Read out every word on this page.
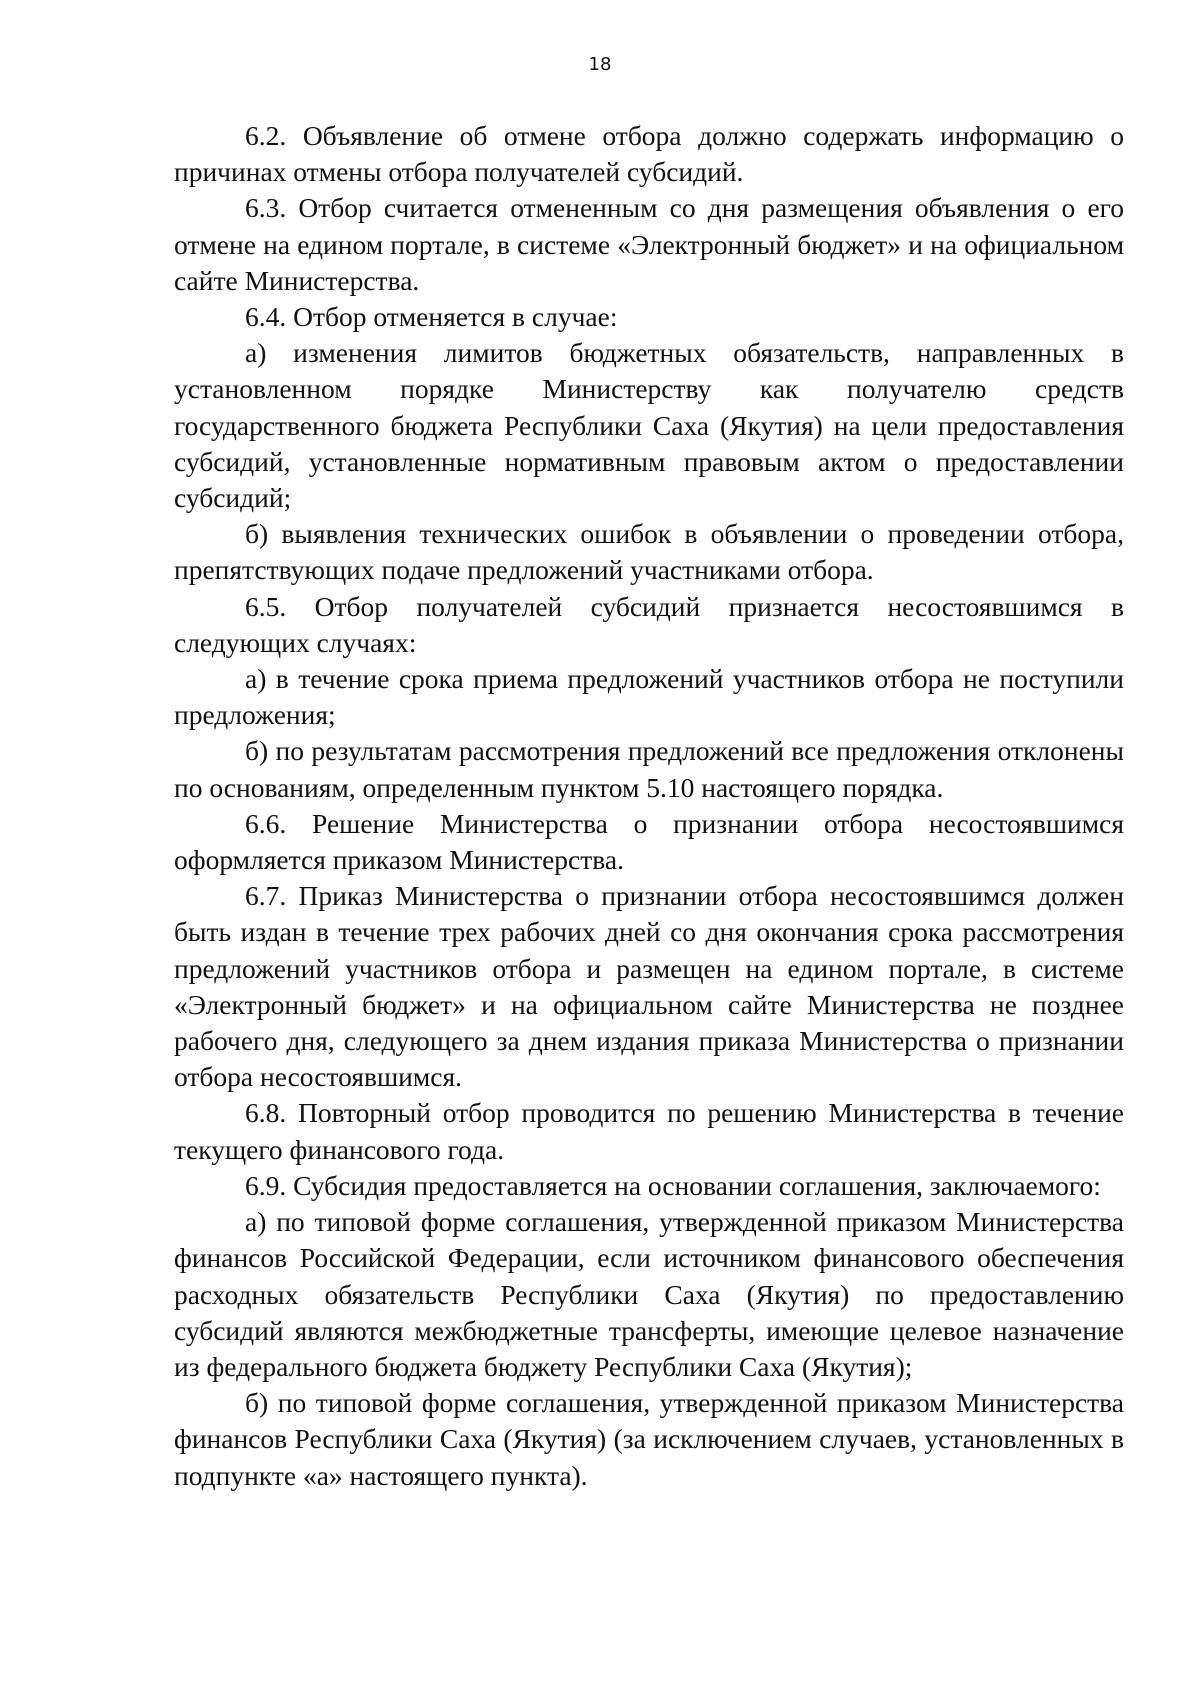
18

6.2. Объявление об отмене отбора должно содержать информацию о причинах отмены отбора получателей субсидий.

6.3. Отбор считается отмененным со дня размещения объявления о его отмене на едином портале, в системе «Электронный бюджет» и на официальном сайте Министерства.

6.4. Отбор отменяется в случае:

а) изменения лимитов бюджетных обязательств, направленных в установленном порядке Министерству как получателю средств государственного бюджета Республики Саха (Якутия) на цели предоставления субсидий, установленные нормативным правовым актом о предоставлении субсидий;

б) выявления технических ошибок в объявлении о проведении отбора, препятствующих подаче предложений участниками отбора.

6.5. Отбор получателей субсидий признается несостоявшимся в следующих случаях:

а) в течение срока приема предложений участников отбора не поступили предложения;

б) по результатам рассмотрения предложений все предложения отклонены по основаниям, определенным пунктом 5.10 настоящего порядка.

6.6. Решение Министерства о признании отбора несостоявшимся оформляется приказом Министерства.

6.7. Приказ Министерства о признании отбора несостоявшимся должен быть издан в течение трех рабочих дней со дня окончания срока рассмотрения предложений участников отбора и размещен на едином портале, в системе «Электронный бюджет» и на официальном сайте Министерства не позднее рабочего дня, следующего за днем издания приказа Министерства о признании отбора несостоявшимся.

6.8. Повторный отбор проводится по решению Министерства в течение текущего финансового года.

6.9. Субсидия предоставляется на основании соглашения, заключаемого:

а) по типовой форме соглашения, утвержденной приказом Министерства финансов Российской Федерации, если источником финансового обеспечения расходных обязательств Республики Саха (Якутия) по предоставлению субсидий являются межбюджетные трансферты, имеющие целевое назначение из федерального бюджета бюджету Республики Саха (Якутия);

б) по типовой форме соглашения, утвержденной приказом Министерства финансов Республики Саха (Якутия) (за исключением случаев, установленных в подпункте «а» настоящего пункта).
